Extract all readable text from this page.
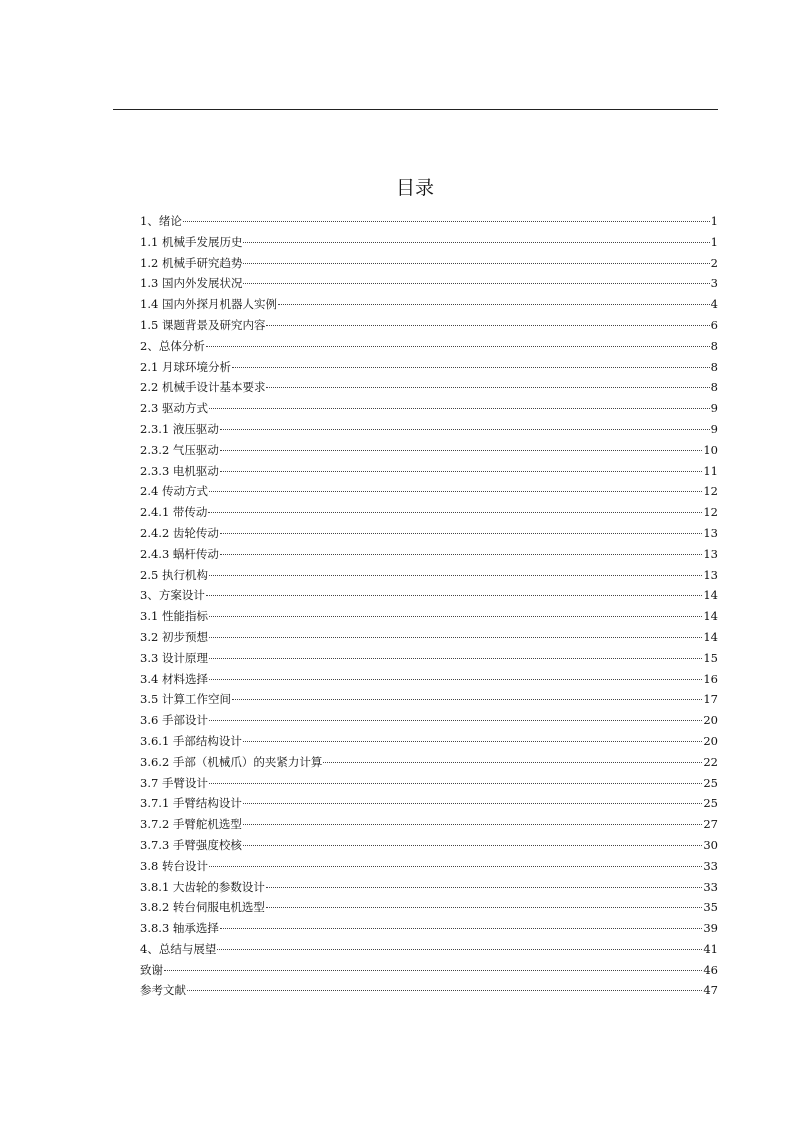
目录
1、绪论	1
1.1 机械手发展历史	1
1.2 机械手研究趋势	2
1.3 国内外发展状况	3
1.4 国内外探月机器人实例	4
1.5 课题背景及研究内容	6
2、总体分析	8
2.1 月球环境分析	8
2.2 机械手设计基本要求	8
2.3 驱动方式	9
2.3.1 液压驱动	9
2.3.2 气压驱动	10
2.3.3 电机驱动	11
2.4 传动方式	12
2.4.1 带传动	12
2.4.2 齿轮传动	13
2.4.3 蜗杆传动	13
2.5 执行机构	13
3、方案设计	14
3.1 性能指标	14
3.2 初步预想	14
3.3 设计原理	15
3.4 材料选择	16
3.5 计算工作空间	17
3.6 手部设计	20
3.6.1 手部结构设计	20
3.6.2 手部（机械爪）的夹紧力计算	22
3.7 手臂设计	25
3.7.1 手臂结构设计	25
3.7.2 手臂舵机选型	27
3.7.3 手臂强度校核	30
3.8 转台设计	33
3.8.1 大齿轮的参数设计	33
3.8.2 转台伺服电机选型	35
3.8.3 轴承选择	39
4、总结与展望	41
致谢	46
参考文献	47
